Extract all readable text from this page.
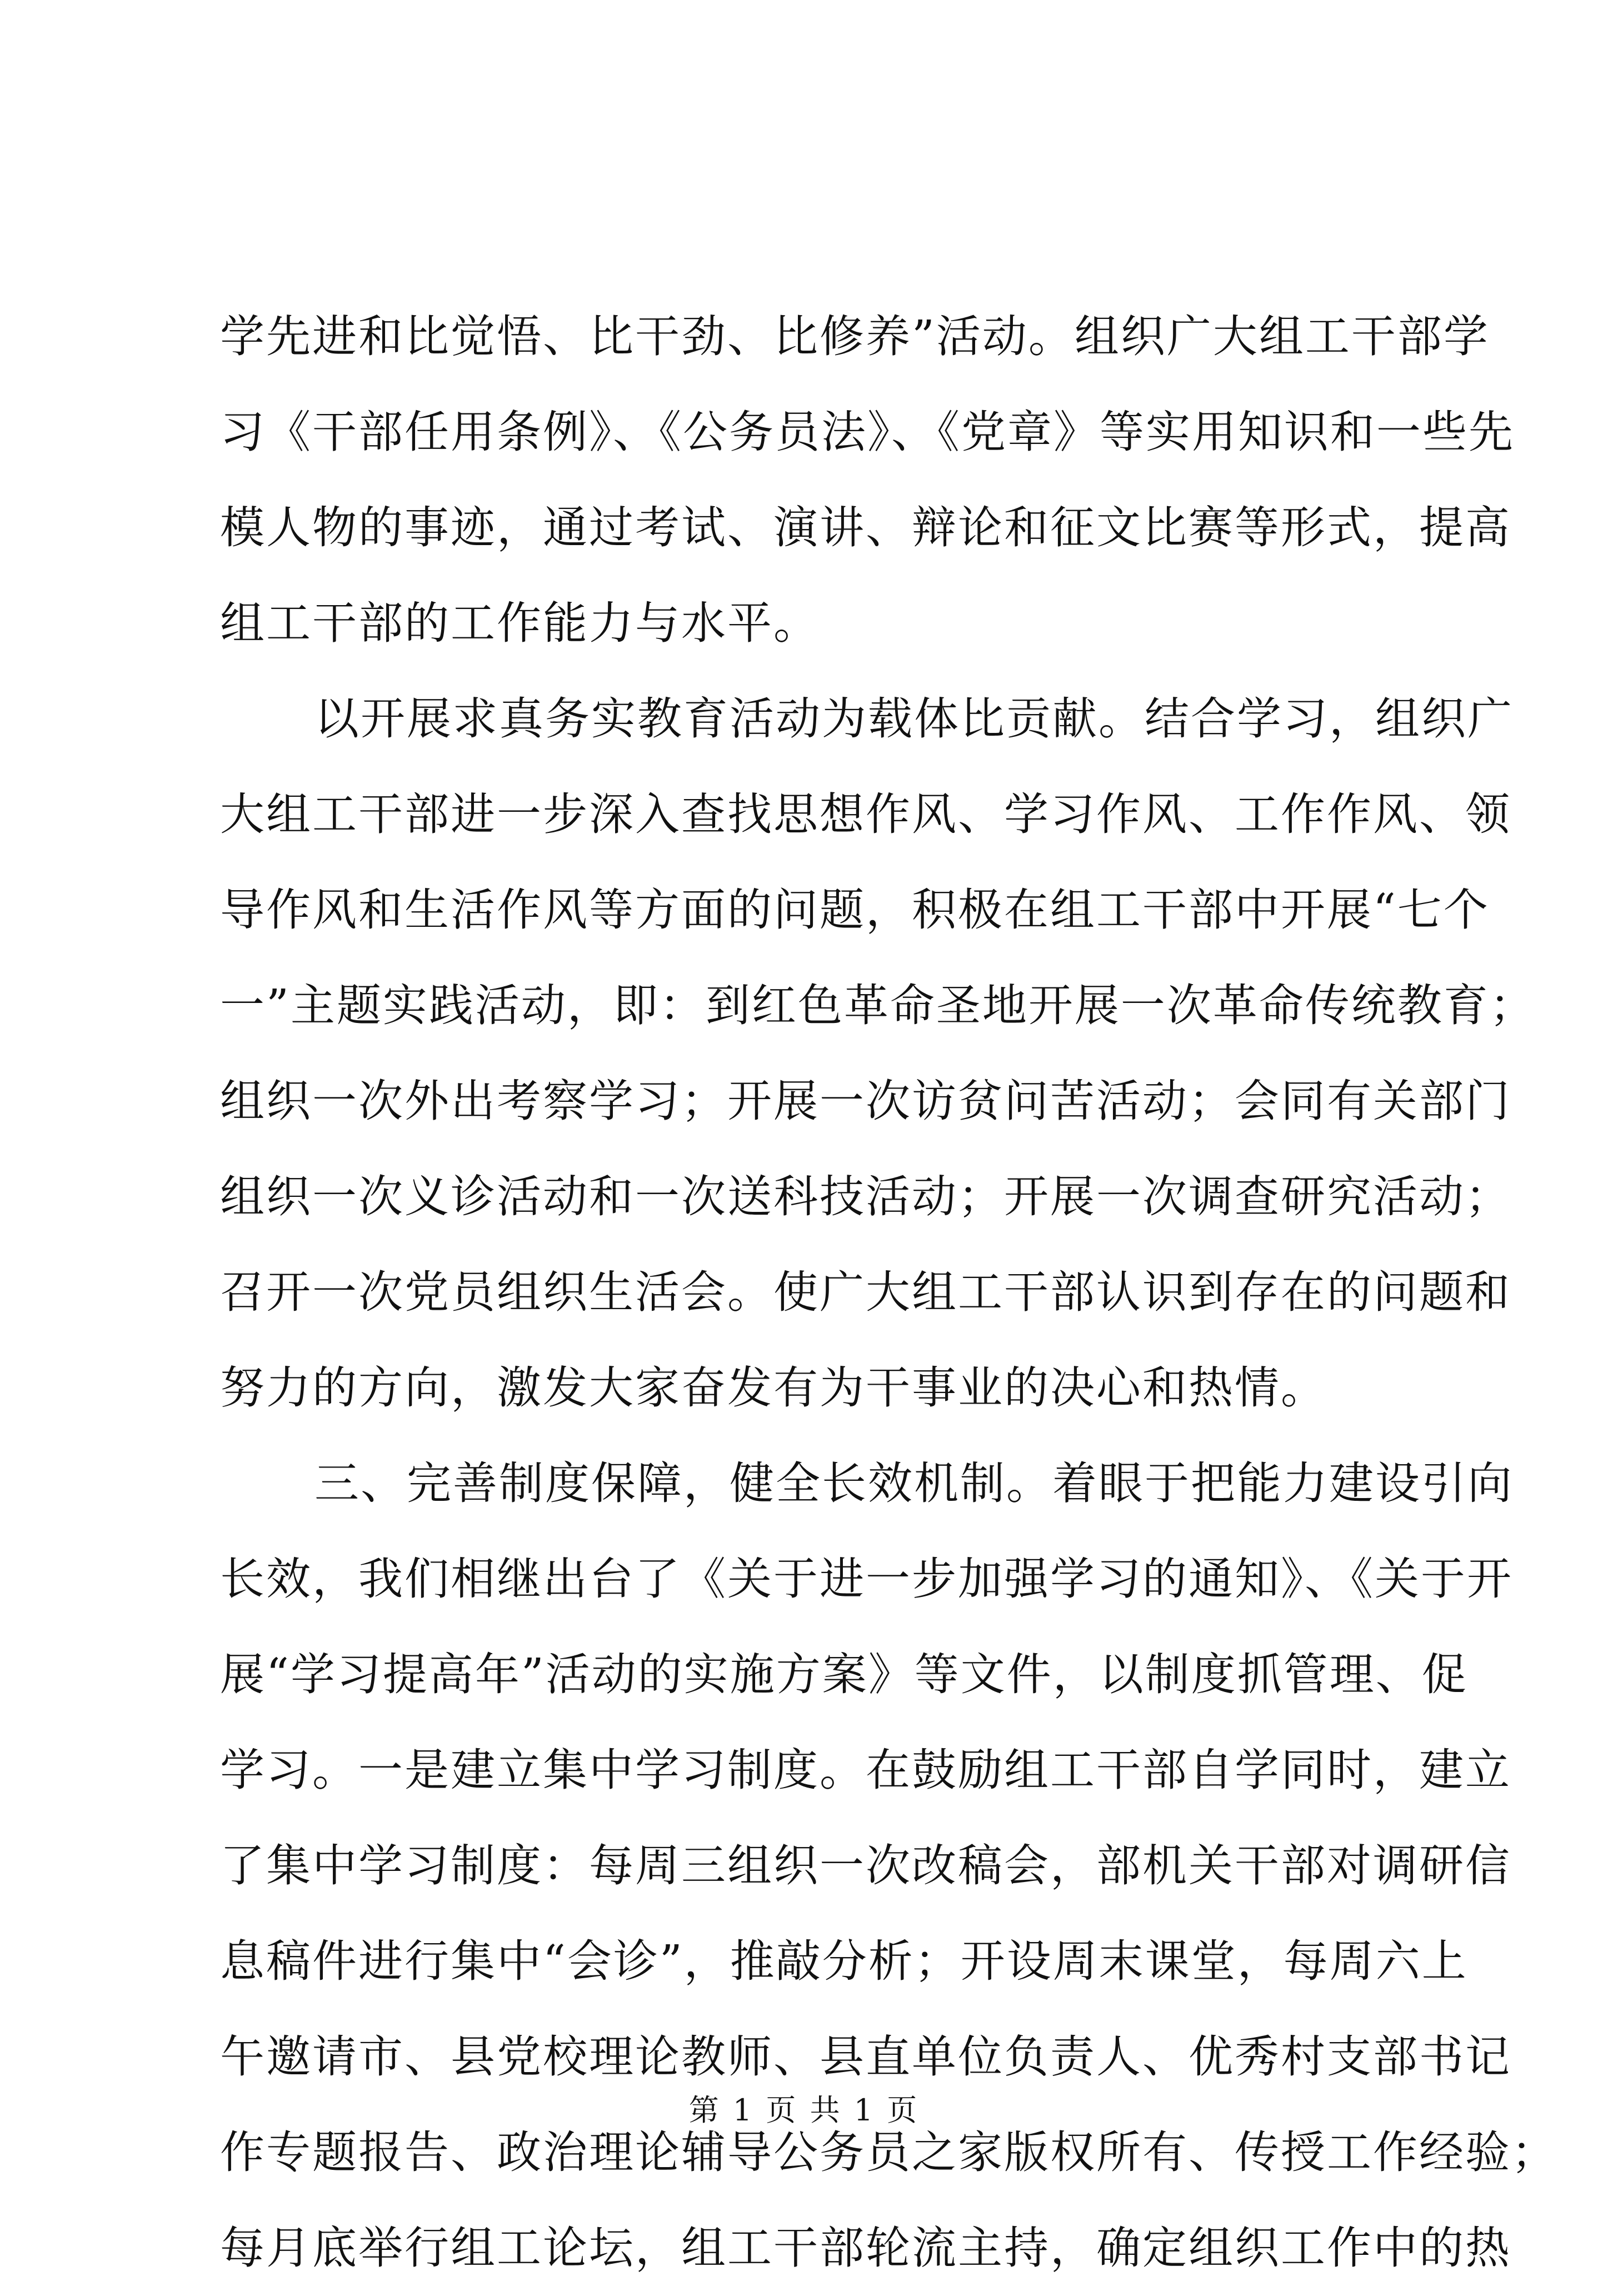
学先进和比觉悟、比干劲、比修养”活动。组织广大组工干部学
习《干部任用条例》、《公务员法》、《党章》等实用知识和一些先
模人物的事迹，通过考试、演讲、辩论和征文比赛等形式，提高
组工干部的工作能力与水平。
以开展求真务实教育活动为载体比贡献。结合学习，组织广
大组工干部进一步深入查找思想作风、学习作风、工作作风、领
导作风和生活作风等方面的问题，积极在组工干部中开展“七个
一”主题实践活动，即：到红色革命圣地开展一次革命传统教育；
组织一次外出考察学习；开展一次访贫问苦活动；会同有关部门
组织一次义诊活动和一次送科技活动；开展一次调查研究活动；
召开一次党员组织生活会。使广大组工干部认识到存在的问题和
努力的方向，激发大家奋发有为干事业的决心和热情。
三、完善制度保障，健全长效机制。着眼于把能力建设引向
长效，我们相继出台了《关于进一步加强学习的通知》、《关于开
展“学习提高年”活动的实施方案》等文件，以制度抓管理、促
学习。一是建立集中学习制度。在鼓励组工干部自学同时，建立
了集中学习制度：每周三组织一次改稿会，部机关干部对调研信
息稿件进行集中“会诊”，推敲分析；开设周末课堂，每周六上
午邀请市、县党校理论教师、县直单位负责人、优秀村支部书记
作专题报告、政治理论辅导公务员之家版权所有、传授工作经验；
每月底举行组工论坛，组工干部轮流主持，确定组织工作中的热
第 1 页 共 1 页
